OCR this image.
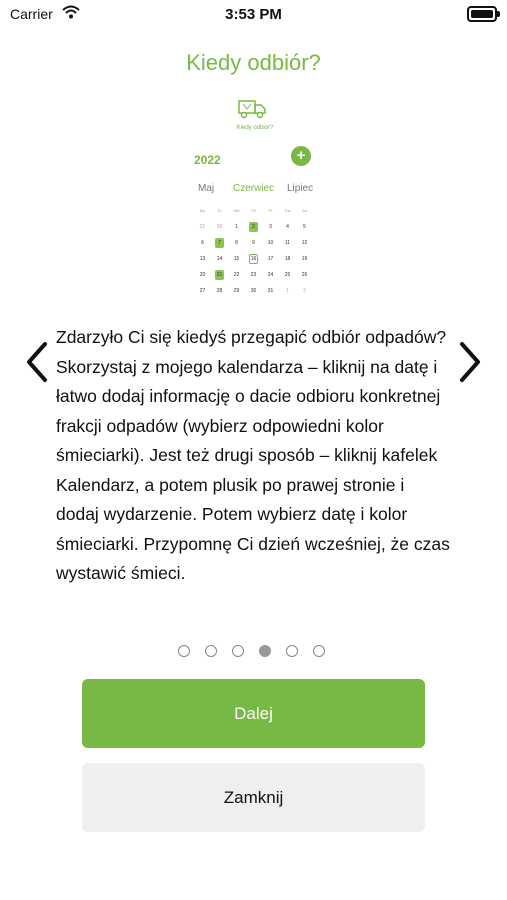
Carrier	3:53 PM
Kiedy odbiór?
Kiedy odbiór?
2022	+
Maj Czerwiec Lipiec
Mo	Tu	We	Th	Fr	Sa	Su
31	30	1	2	3	4	5
6	7	8	9	10	11	12
13	14	15	16	17	18	19
20	21	22	23	24	25	26
27	28	29	30	31	1	2
Zdarzyło Ci się kiedyś przegapić odbiór odpadów? Skorzystaj z mojego kalendarza – kliknij na datę i łatwo dodaj informację o dacie odbioru konkretnej frakcji odpadów (wybierz odpowiedni kolor śmieciarki). Jest też drugi sposób – kliknij kafelek Kalendarz, a potem plusik po prawej stronie i dodaj wydarzenie. Potem wybierz datę i kolor śmieciarki. Przypomnę Ci dzień wcześniej, że czas wystawić śmieci.
Dalej
Zamknij
